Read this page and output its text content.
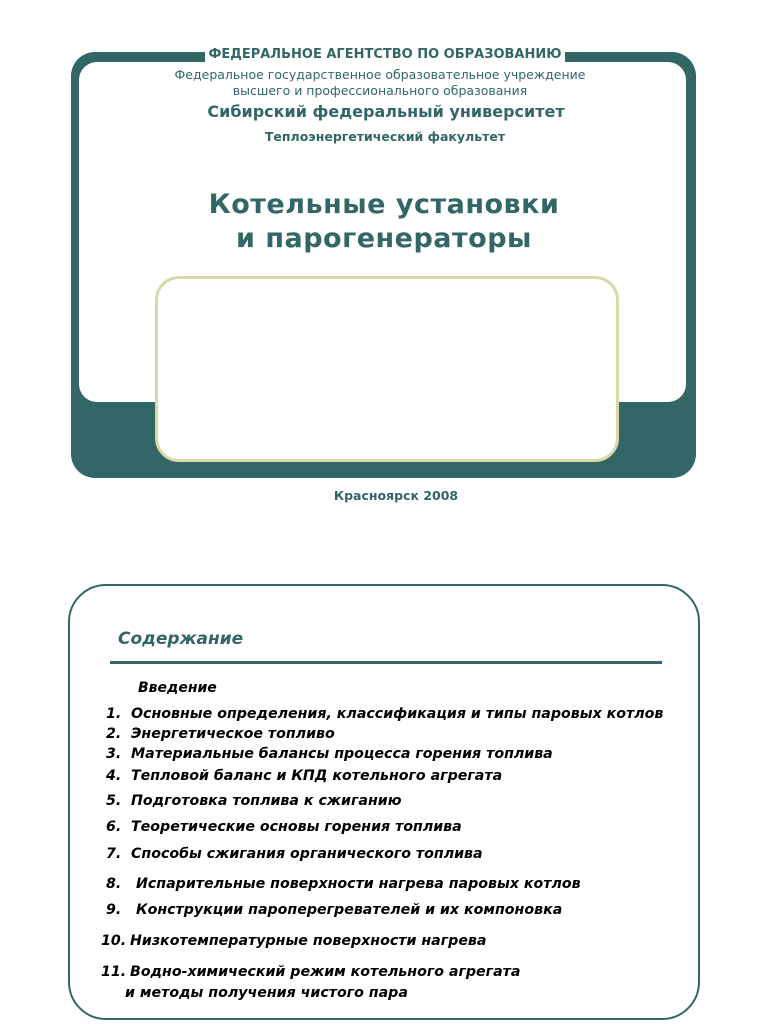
ФЕДЕРАЛЬНОЕ АГЕНТСТВО ПО ОБРАЗОВАНИЮ
Федеральное государственное образовательное учреждение
высшего и профессионального образования
Сибирский федеральный университет
Теплоэнергетический факультет
Котельные установки
и парогенераторы
Красноярск 2008
Содержание
Введение
1. Основные определения, классификация и типы паровых котлов
2. Энергетическое топливо
3. Материальные балансы процесса горения топлива
4. Тепловой баланс и КПД котельного агрегата
5. Подготовка топлива к сжиганию
6. Теоретические основы горения топлива
7. Способы сжигания органического топлива
8. Испарительные поверхности нагрева паровых котлов
9. Конструкции пароперегревателей и их компоновка
10. Низкотемпературные поверхности нагрева
11. Водно-химический режим котельного агрегата
и методы получения чистого пара
